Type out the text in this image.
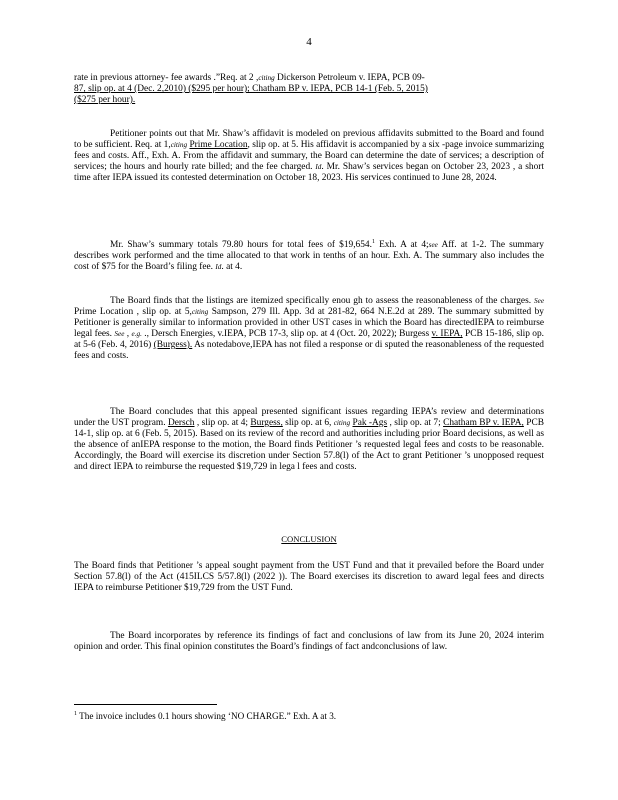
4
rate in previous attorney- fee awards .”Req. at 2 ,citing Dickerson Petroleum v. IEPA, PCB 09-
87, slip op. at 4 (Dec. 2,2010) ($295 per hour); Chatham BP v. IEPA, PCB 14-1 (Feb. 5, 2015)
($275 per hour).
Petitioner points out that Mr. Shaw’s affidavit is modeled on previous affidavits submitted to the Board and found to be sufficient. Req. at 1,citing Prime Location, slip op. at 5. His affidavit is accompanied by a six -page invoice summarizing fees and costs. Aff., Exh. A. From the affidavit and summary, the Board can determine the date of services; a description of services; the hours and hourly rate billed; and the fee charged. Id. Mr. Shaw’s services began on October 23, 2023 , a short time after IEPA issued its contested determination on October 18, 2023. His services continued to June 28, 2024.
Mr. Shaw’s summary totals 79.80 hours for total fees of $19,654.$^1$ Exh. A at 4;see Aff. at 1-2. The summary describes work performed and the time allocated to that work in tenths of an hour. Exh. A. The summary also includes the cost of $75 for the Board’s filing fee. Id. at 4.
The Board finds that the listings are itemized specifically enou gh to assess the reasonableness of the charges. See Prime Location , slip op. at 5,citing Sampson, 279 Ill. App. 3d at 281-82, 664 N.E.2d at 289. The summary submitted by Petitioner is generally similar to information provided in other UST cases in which the Board has directedIEPA to reimburse legal fees. See , e.g. ., Dersch Energies, v.IEPA, PCB 17-3, slip op. at 4 (Oct. 20, 2022); Burgess v. IEPA, PCB 15-186, slip op. at 5-6 (Feb. 4, 2016) (Burgess). As notedabove,IEPA has not filed a response or di sputed the reasonableness of the requested fees and costs.
The Board concludes that this appeal presented significant issues regarding IEPA’s review and determinations under the UST program. Dersch , slip op. at 4; Burgess, slip op. at 6, citing Pak -Ags , slip op. at 7; Chatham BP v. IEPA, PCB 14-1, slip op. at 6 (Feb. 5, 2015). Based on its review of the record and authorities including prior Board decisions, as well as the absence of anIEPA response to the motion, the Board finds Petitioner ’s requested legal fees and costs to be reasonable. Accordingly, the Board will exercise its discretion under Section 57.8(l) of the Act to grant Petitioner ’s unopposed request and direct IEPA to reimburse the requested $19,729 in lega l fees and costs.
CONCLUSION
The Board finds that Petitioner ’s appeal sought payment from the UST Fund and that it prevailed before the Board under Section 57.8(l) of the Act (415ILCS 5/57.8(l) (2022 )). The Board exercises its discretion to award legal fees and directs IEPA to reimburse Petitioner $19,729 from the UST Fund.
The Board incorporates by reference its findings of fact and conclusions of law from its June 20, 2024 interim opinion and order. This final opinion constitutes the Board’s findings of fact andconclusions of law.
$^1$ The invoice includes 0.1 hours showing ‘NO CHARGE.” Exh. A at 3.
